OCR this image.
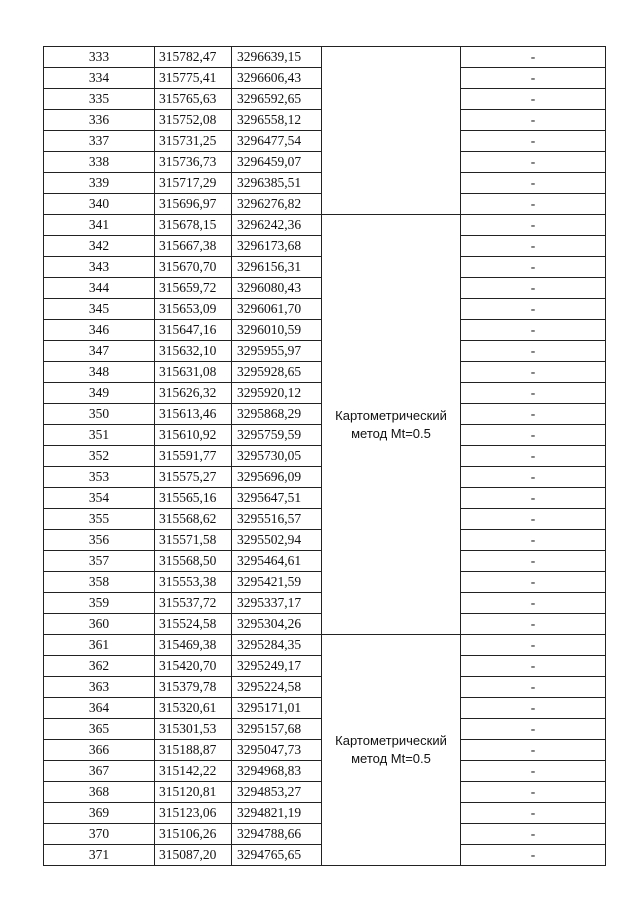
333	315782,47	3296639,15		-
334	315775,41	3296606,43		-
335	315765,63	3296592,65		-
336	315752,08	3296558,12		-
337	315731,25	3296477,54		-
338	315736,73	3296459,07		-
339	315717,29	3296385,51		-
340	315696,97	3296276,82		-
341	315678,15	3296242,36	Картометрический метод Mt=0.5	-
342	315667,38	3296173,68		-
343	315670,70	3296156,31		-
344	315659,72	3296080,43		-
345	315653,09	3296061,70		-
346	315647,16	3296010,59		-
347	315632,10	3295955,97		-
348	315631,08	3295928,65		-
349	315626,32	3295920,12		-
350	315613,46	3295868,29		-
351	315610,92	3295759,59		-
352	315591,77	3295730,05		-
353	315575,27	3295696,09		-
354	315565,16	3295647,51		-
355	315568,62	3295516,57		-
356	315571,58	3295502,94		-
357	315568,50	3295464,61		-
358	315553,38	3295421,59		-
359	315537,72	3295337,17		-
360	315524,58	3295304,26		-
361	315469,38	3295284,35	Картометрический метод Mt=0.5	-
362	315420,70	3295249,17		-
363	315379,78	3295224,58		-
364	315320,61	3295171,01		-
365	315301,53	3295157,68		-
366	315188,87	3295047,73		-
367	315142,22	3294968,83		-
368	315120,81	3294853,27		-
369	315123,06	3294821,19		-
370	315106,26	3294788,66		-
371	315087,20	3294765,65		-
